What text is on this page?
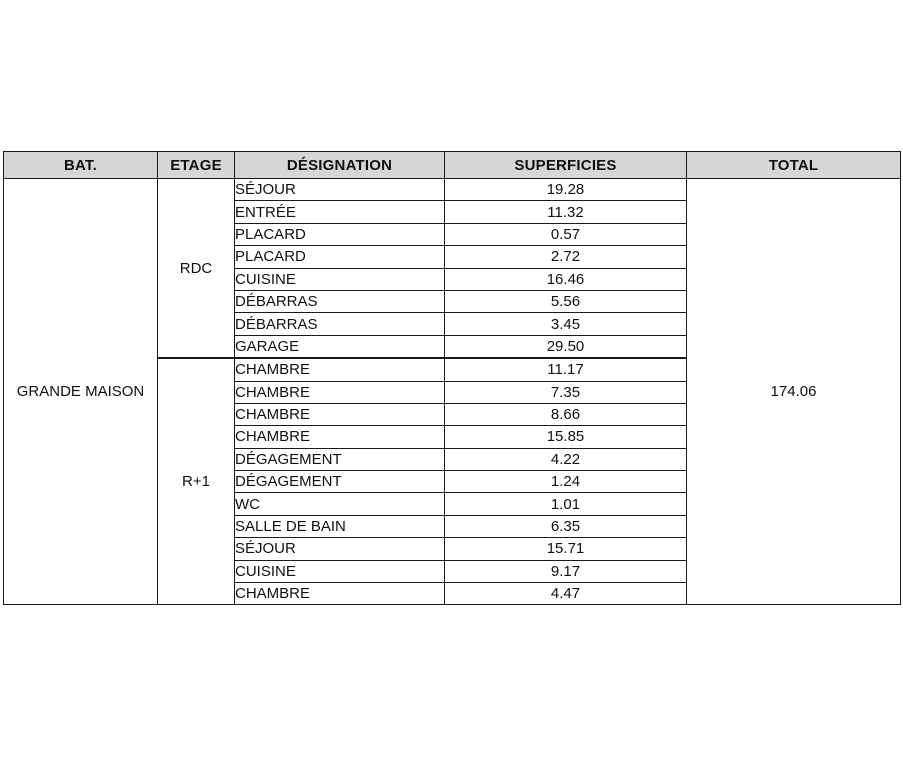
BAT.	ETAGE	DÉSIGNATION	SUPERFICIES	TOTAL
GRANDE MAISON	RDC	SÉJOUR	19.28	174.06
		ENTRÉE	11.32	
		PLACARD	0.57	
		PLACARD	2.72	
		CUISINE	16.46	
		DÉBARRAS	5.56	
		DÉBARRAS	3.45	
		GARAGE	29.50	
	R+1	CHAMBRE	11.17	
		CHAMBRE	7.35	
		CHAMBRE	8.66	
		CHAMBRE	15.85	
		DÉGAGEMENT	4.22	
		DÉGAGEMENT	1.24	
		WC	1.01	
		SALLE DE BAIN	6.35	
		SÉJOUR	15.71	
		CUISINE	9.17	
		CHAMBRE	4.47	
